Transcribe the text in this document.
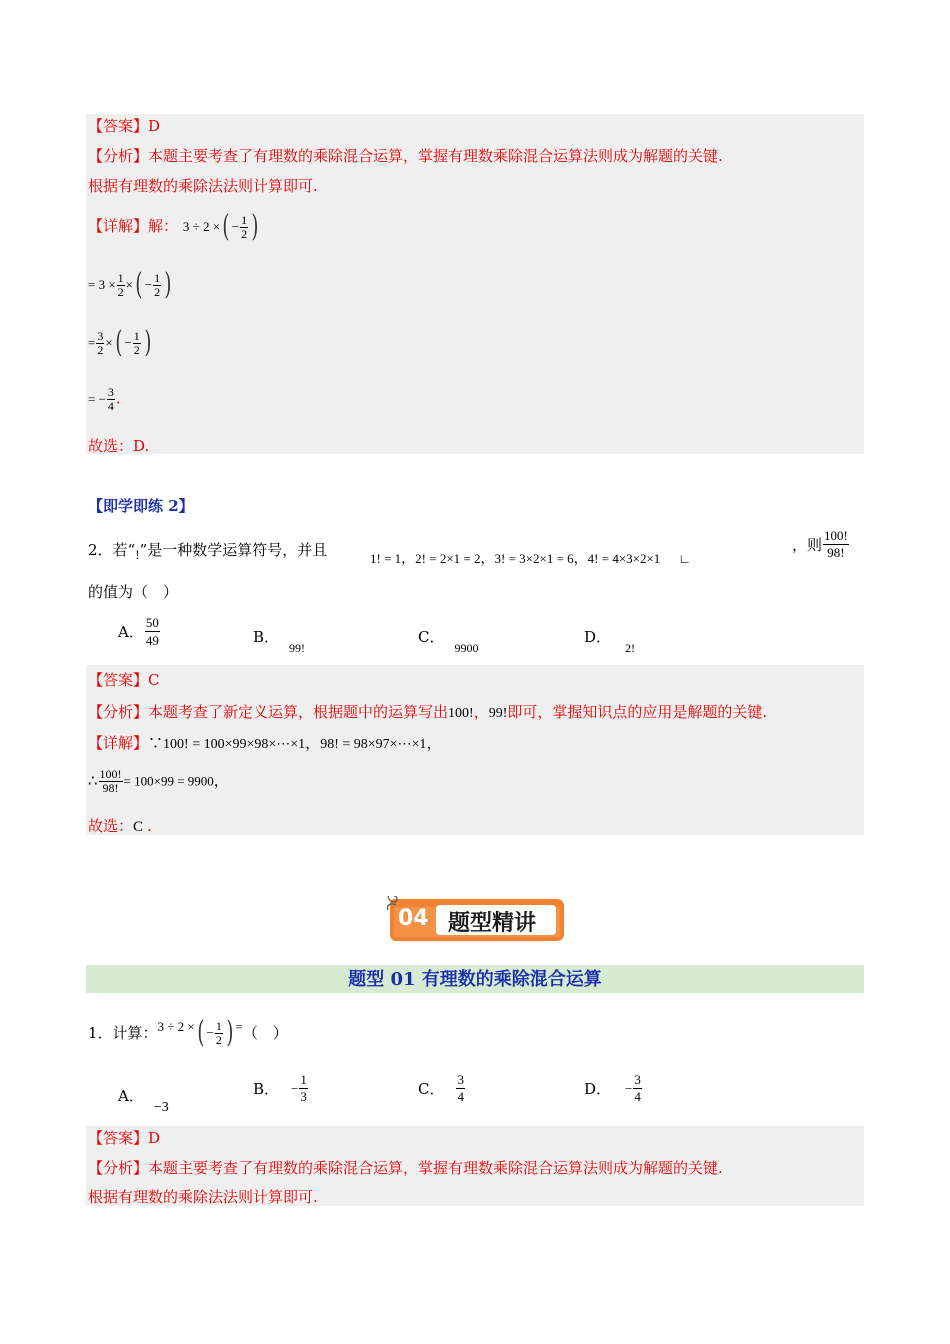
【答案】D
【分析】本题主要考查了有理数的乘除混合运算，掌握有理数乘除混合运算法则成为解题的关键.
根据有理数的乘除法法则计算即可.
【详解】解： 3 ÷ 2 ×( − $\frac{1}{2}$ )
= $3 \times \frac{1}{2}$ ×( − $\frac{1}{2}$ )
= $\frac{3}{2}$ ×( − $\frac{1}{2}$ )
= − $\frac{3}{4}$ .
故选：D.
【即学即练 2】
2．若“!”是一种数学运算符号，并且	1! = 1，2! = 2×1 = 2，3! = 3×2×1 = 6，4! = 4×3×2×1 ∟
，则 $\frac{100!}{98!}$
的值为（　）
A． $\frac{50}{49}$	B．$_{99!}$
C．$_{9900}$
D．$_{2!}$
【答案】C
【分析】本题考查了新定义运算，根据题中的运算写出100!，99!即可，掌握知识点的应用是解题的关键.
【详解】∵100! = 100×99×98×⋯×1，98! = 98×97×⋯×1，
∴ $\frac{100!}{98!} = 100\times 99 = 9900$，
故选：C .
04 题型精讲
题型 01 有理数的乘除混合运算
1．计算：3 ÷ 2 ×( − $\frac{1}{2}$ ) =（　）
A．−3
B． − $\frac{1}{3}$	C． $\frac{3}{4}$	D． − $\frac{3}{4}$
【答案】D
【分析】本题主要考查了有理数的乘除混合运算，掌握有理数乘除混合运算法则成为解题的关键.
根据有理数的乘除法法则计算即可.
